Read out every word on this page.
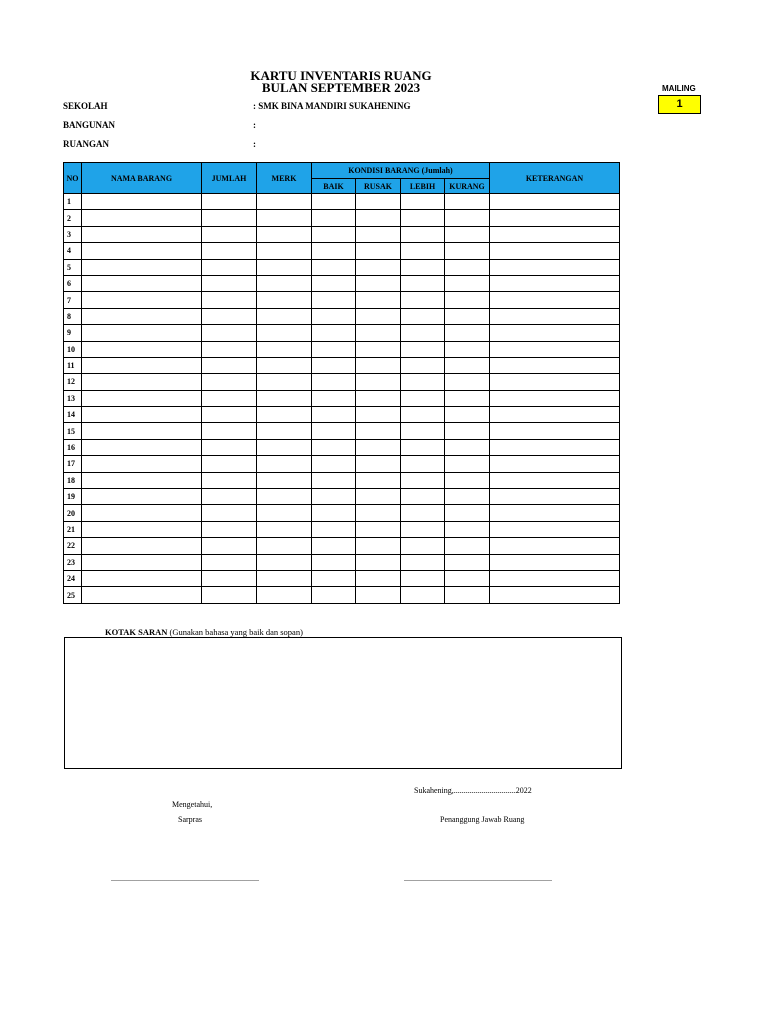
KARTU INVENTARIS RUANG
BULAN SEPTEMBER 2023	MAILING
1
SEKOLAH	: SMK BINA MANDIRI SUKAHENING
BANGUNAN	:
RUANGAN	:
NO	NAMA BARANG	JUMLAH	MERK	KONDISI BARANG (Jumlah)				KETERANGAN
				BAIK	RUSAK	LEBIH	KURANG	
1								
2								
3								
4								
5								
6								
7								
8								
9								
10								
11								
12								
13								
14								
15								
16								
17								
18								
19								
20								
21								
22								
23								
24								
25								
KOTAK SARAN (Gunakan bahasa yang baik dan sopan)
Sukahening,...............................2022
Mengetahui,
Sarpras	Penanggung Jawab Ruang
..........................................................................	..........................................................................
